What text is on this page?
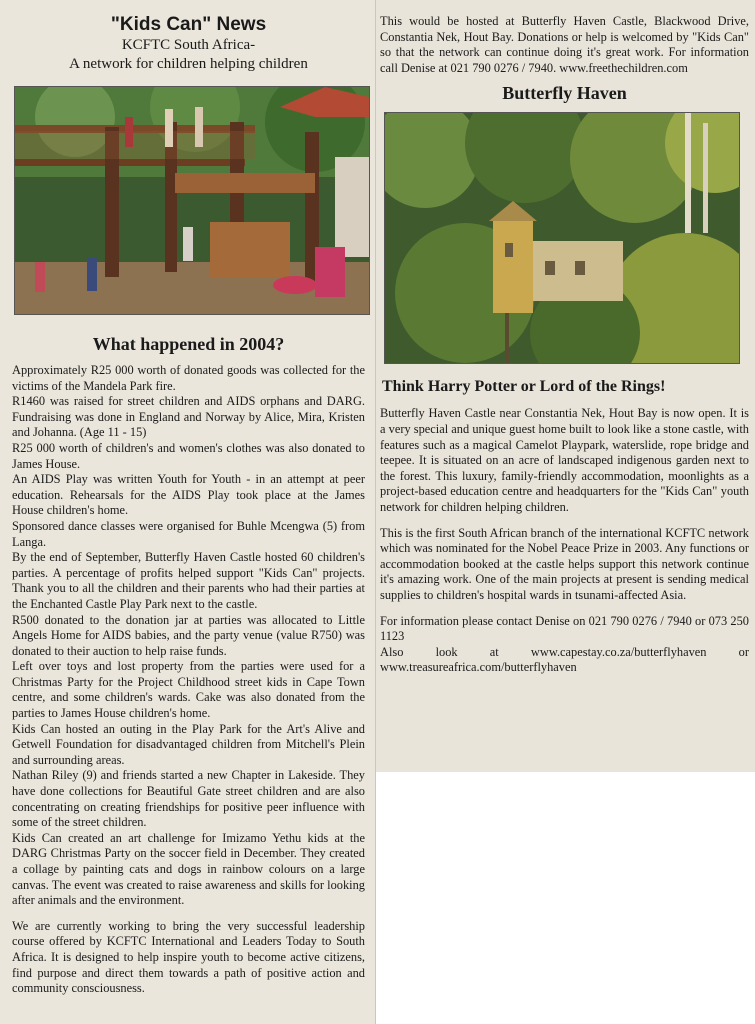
"Kids Can" News

KCFTC South Africa-

A network for children helping children

What happened in 2004?

Approximately R25 000 worth of donated goods was collected for the victims of the Mandela Park fire.

R1460 was raised for street children and AIDS orphans and DARG. Fundraising was done in England and Norway by Alice, Mira, Kristen and Johanna. (Age 11 - 15)

R25 000 worth of children's and women's clothes was also donated to James House.

An AIDS Play was written Youth for Youth - in an attempt at peer education. Rehearsals for the AIDS Play took place at the James House children's home.

Sponsored dance classes were organised for Buhle Mcengwa (5) from Langa.

By the end of September, Butterfly Haven Castle hosted 60 children's parties. A percentage of profits helped support "Kids Can" projects. Thank you to all the children and their parents who had their parties at the Enchanted Castle Play Park next to the castle.

R500 donated to the donation jar at parties was allocated to Little Angels Home for AIDS babies, and the party venue (value R750) was donated to their auction to help raise funds.

Left over toys and lost property from the parties were used for a Christmas Party for the Project Childhood street kids in Cape Town centre, and some children's wards. Cake was also donated from the parties to James House children's home.

Kids Can hosted an outing in the Play Park for the Art's Alive and Getwell Foundation for disadvantaged children from Mitchell's Plein and surrounding areas.

Nathan Riley (9) and friends started a new Chapter in Lakeside. They have done collections for Beautiful Gate street children and are also concentrating on creating friendships for positive peer influence with some of the street children.

Kids Can created an art challenge for Imizamo Yethu kids at the DARG Christmas Party on the soccer field in December. They created a collage by painting cats and dogs in rainbow colours on a large canvas. The event was created to raise awareness and skills for looking after animals and the environment.

We are currently working to bring the very successful leadership course offered by KCFTC International and Leaders Today to South Africa. It is designed to help inspire youth to become active citizens, find purpose and direct them towards a path of positive action and community consciousness.

This would be hosted at Butterfly Haven Castle, Blackwood Drive, Constantia Nek, Hout Bay. Donations or help is welcomed by "Kids Can" so that the network can continue doing it's great work. For information call Denise at 021 790 0276 / 7940. www.freethechildren.com

Butterfly Haven
Think Harry Potter or Lord of the Rings!

Butterfly Haven Castle near Constantia Nek, Hout Bay is now open. It is a very special and unique guest home built to look like a stone castle, with features such as a magical Camelot Playpark, waterslide, rope bridge and teepee. It is situated on an acre of landscaped indigenous garden next to the forest. This luxury, family-friendly accommodation, moonlights as a project-based education centre and headquarters for the "Kids Can" youth network for children helping children.

This is the first South African branch of the international KCFTC network which was nominated for the Nobel Peace Prize in 2003. Any functions or accommodation booked at the castle helps support this network continue it's amazing work. One of the main projects at present is sending medical supplies to children's hospital wards in tsunami-affected Asia.

For information please contact Denise on 021 790 0276 / 7940 or 073 250 1123

Also look at www.capestay.co.za/butterflyhaven or www.treasureafrica.com/butterflyhaven
